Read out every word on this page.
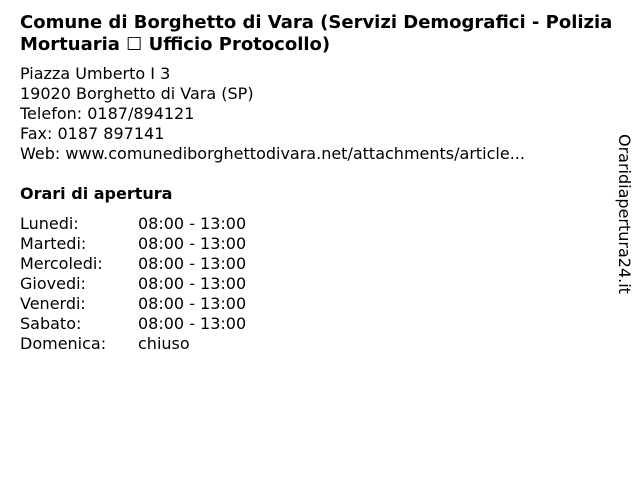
Comune di Borghetto di Vara (Servizi Demografici - Polizia Mortuaria ☐ Ufficio Protocollo)
Piazza Umberto I 3
19020 Borghetto di Vara (SP)
Telefon: 0187/894121
Fax: 0187 897141
Web: www.comunediborghettodivara.net/attachments/article...
Orari di apertura
Lunedi:	08:00 - 13:00
Martedi:	08:00 - 13:00
Mercoledi:	08:00 - 13:00
Giovedi:	08:00 - 13:00
Venerdi:	08:00 - 13:00
Sabato:	08:00 - 13:00
Domenica:	chiuso
Oraridiapertura24.it
